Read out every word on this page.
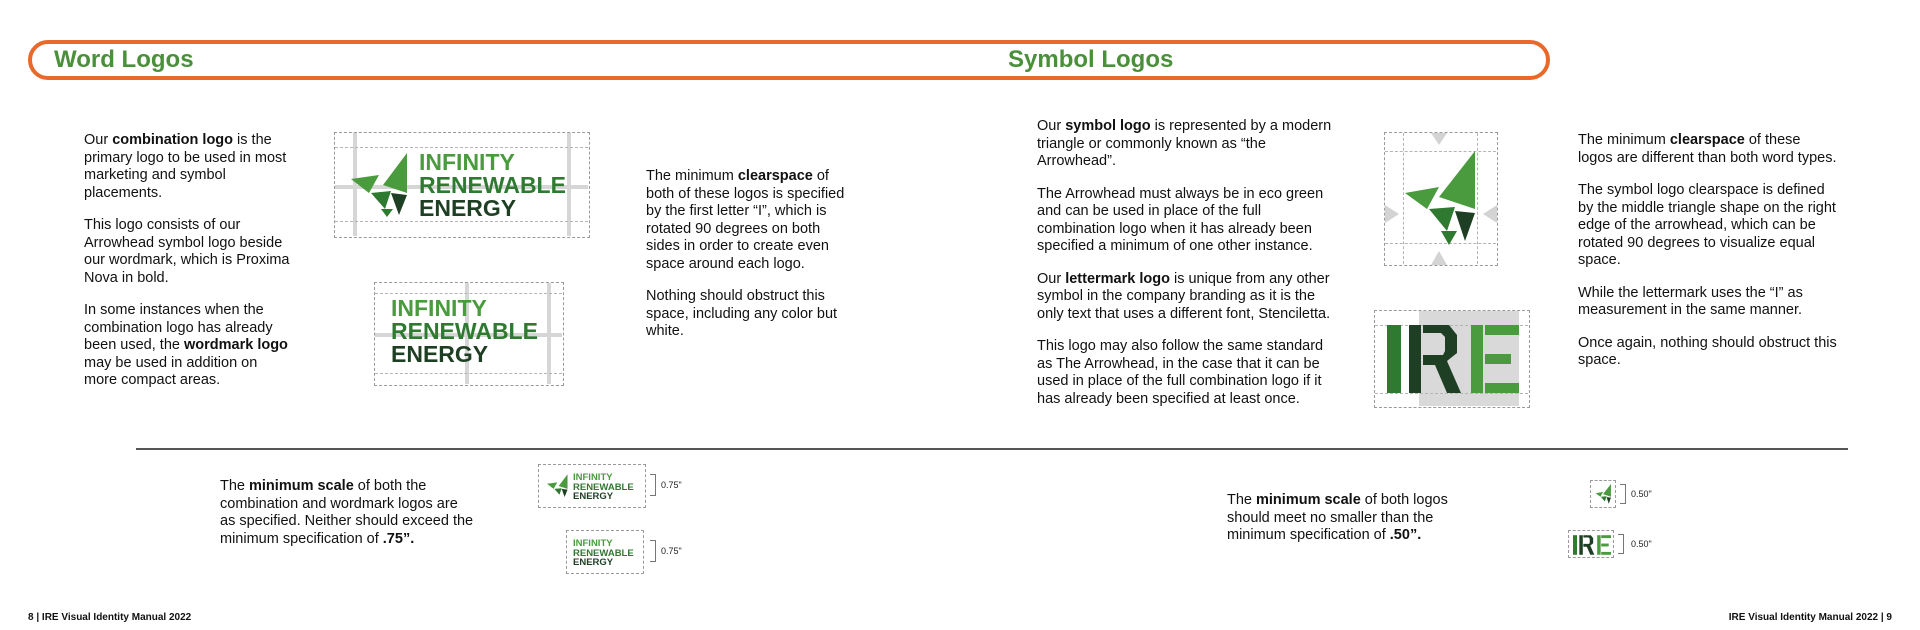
Word Logos	Symbol Logos

Our combination logo is the primary logo to be used in most marketing and symbol placements.

This logo consists of our Arrowhead symbol logo beside our wordmark, which is Proxima Nova in bold.

In some instances when the combination logo has already been used, the wordmark logo may be used in addition on more compact areas.

INFINITY
RENEWABLE
ENERGY
INFINITY
RENEWABLE
ENERGY

The minimum clearspace of both of these logos is specified by the first letter “I”, which is rotated 90 degrees on both sides in order to create even space around each logo.

Nothing should obstruct this space, including any color but white.

Our symbol logo is represented by a modern triangle or commonly known as “the Arrowhead”.

The Arrowhead must always be in eco green and can be used in place of the full combination logo when it has already been specified a minimum of one other instance.

Our lettermark logo is unique from any other symbol in the company branding as it is the only text that uses a different font, Stenciletta.

This logo may also follow the same standard as The Arrowhead, in the case that it can be used in place of the full combination logo if it has already been specified at least once.

The minimum clearspace of these logos are different than both word types.

The symbol logo clearspace is defined by the middle triangle shape on the right edge of the arrowhead, which can be rotated 90 degrees to visualize equal space.

While the lettermark uses the “I” as measurement in the same manner.

Once again, nothing should obstruct this space.

The minimum scale of both the combination and wordmark logos are as specified. Neither should exceed the minimum specification of .75”.

INFINITY
RENEWABLE
ENERGY
0.75"
INFINITY
RENEWABLE
ENERGY
0.75"

The minimum scale of both logos should meet no smaller than the minimum specification of .50”.

0.50"
0.50"
8 | IRE Visual Identity Manual 2022	IRE Visual Identity Manual 2022 | 9
